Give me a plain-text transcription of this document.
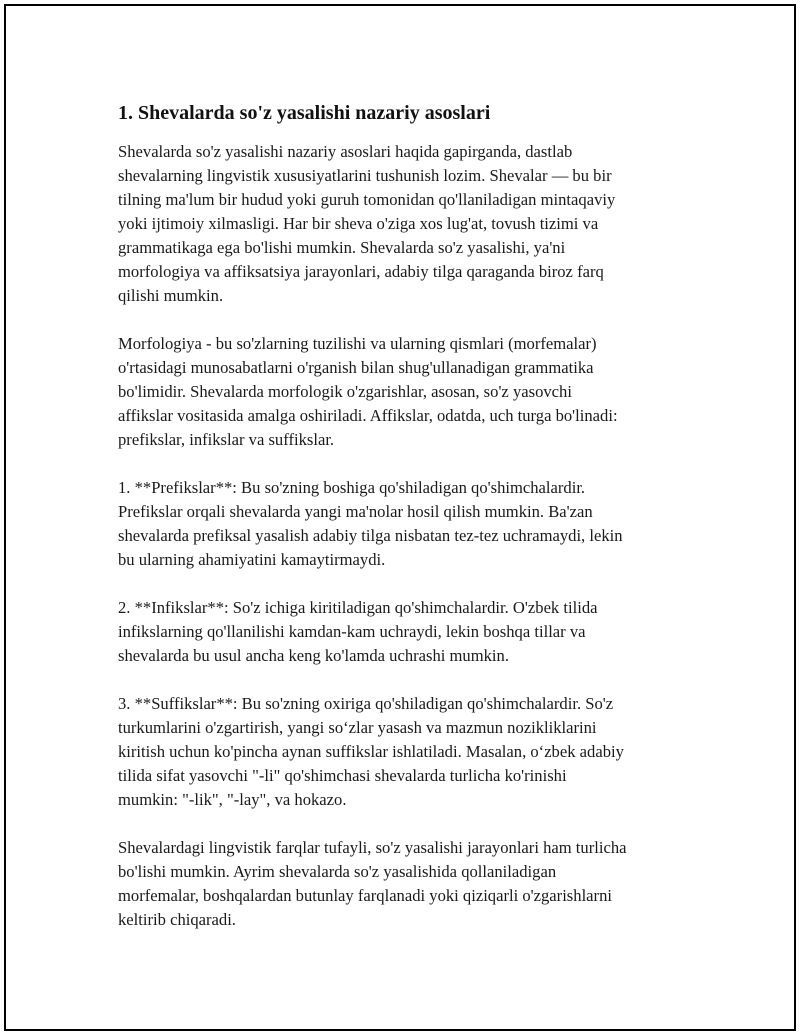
1. Shevalarda so'z yasalishi nazariy asoslari

Shevalarda so'z yasalishi nazariy asoslari haqida gapirganda, dastlab
shevalarning lingvistik xususiyatlarini tushunish lozim. Shevalar — bu bir
tilning ma'lum bir hudud yoki guruh tomonidan qo'llaniladigan mintaqaviy
yoki ijtimoiy xilmasligi. Har bir sheva o'ziga xos lug'at, tovush tizimi va
grammatikaga ega bo'lishi mumkin. Shevalarda so'z yasalishi, ya'ni
morfologiya va affiksatsiya jarayonlari, adabiy tilga qaraganda biroz farq
qilishi mumkin.

Morfologiya - bu so'zlarning tuzilishi va ularning qismlari (morfemalar)
o'rtasidagi munosabatlarni o'rganish bilan shug'ullanadigan grammatika
bo'limidir. Shevalarda morfologik o'zgarishlar, asosan, so'z yasovchi
affikslar vositasida amalga oshiriladi. Affikslar, odatda, uch turga bo'linadi:
prefikslar, infikslar va suffikslar.

1. **Prefikslar**: Bu so'zning boshiga qo'shiladigan qo'shimchalardir.
Prefikslar orqali shevalarda yangi ma'nolar hosil qilish mumkin. Ba'zan
shevalarda prefiksal yasalish adabiy tilga nisbatan tez-tez uchramaydi, lekin
bu ularning ahamiyatini kamaytirmaydi.

2. **Infikslar**: So'z ichiga kiritiladigan qo'shimchalardir. O'zbek tilida
infikslarning qo'llanilishi kamdan-kam uchraydi, lekin boshqa tillar va
shevalarda bu usul ancha keng ko'lamda uchrashi mumkin.

3. **Suffikslar**: Bu so'zning oxiriga qo'shiladigan qo'shimchalardir. So'z
turkumlarini o'zgartirish, yangi so‘zlar yasash va mazmun nozikliklarini
kiritish uchun ko'pincha aynan suffikslar ishlatiladi. Masalan, o‘zbek adabiy
tilida sifat yasovchi "-li" qo'shimchasi shevalarda turlicha ko'rinishi
mumkin: "-lik", "-lay", va hokazo.

Shevalardagi lingvistik farqlar tufayli, so'z yasalishi jarayonlari ham turlicha
bo'lishi mumkin. Ayrim shevalarda so'z yasalishida qollaniladigan
morfemalar, boshqalardan butunlay farqlanadi yoki qiziqarli o'zgarishlarni
keltirib chiqaradi.
